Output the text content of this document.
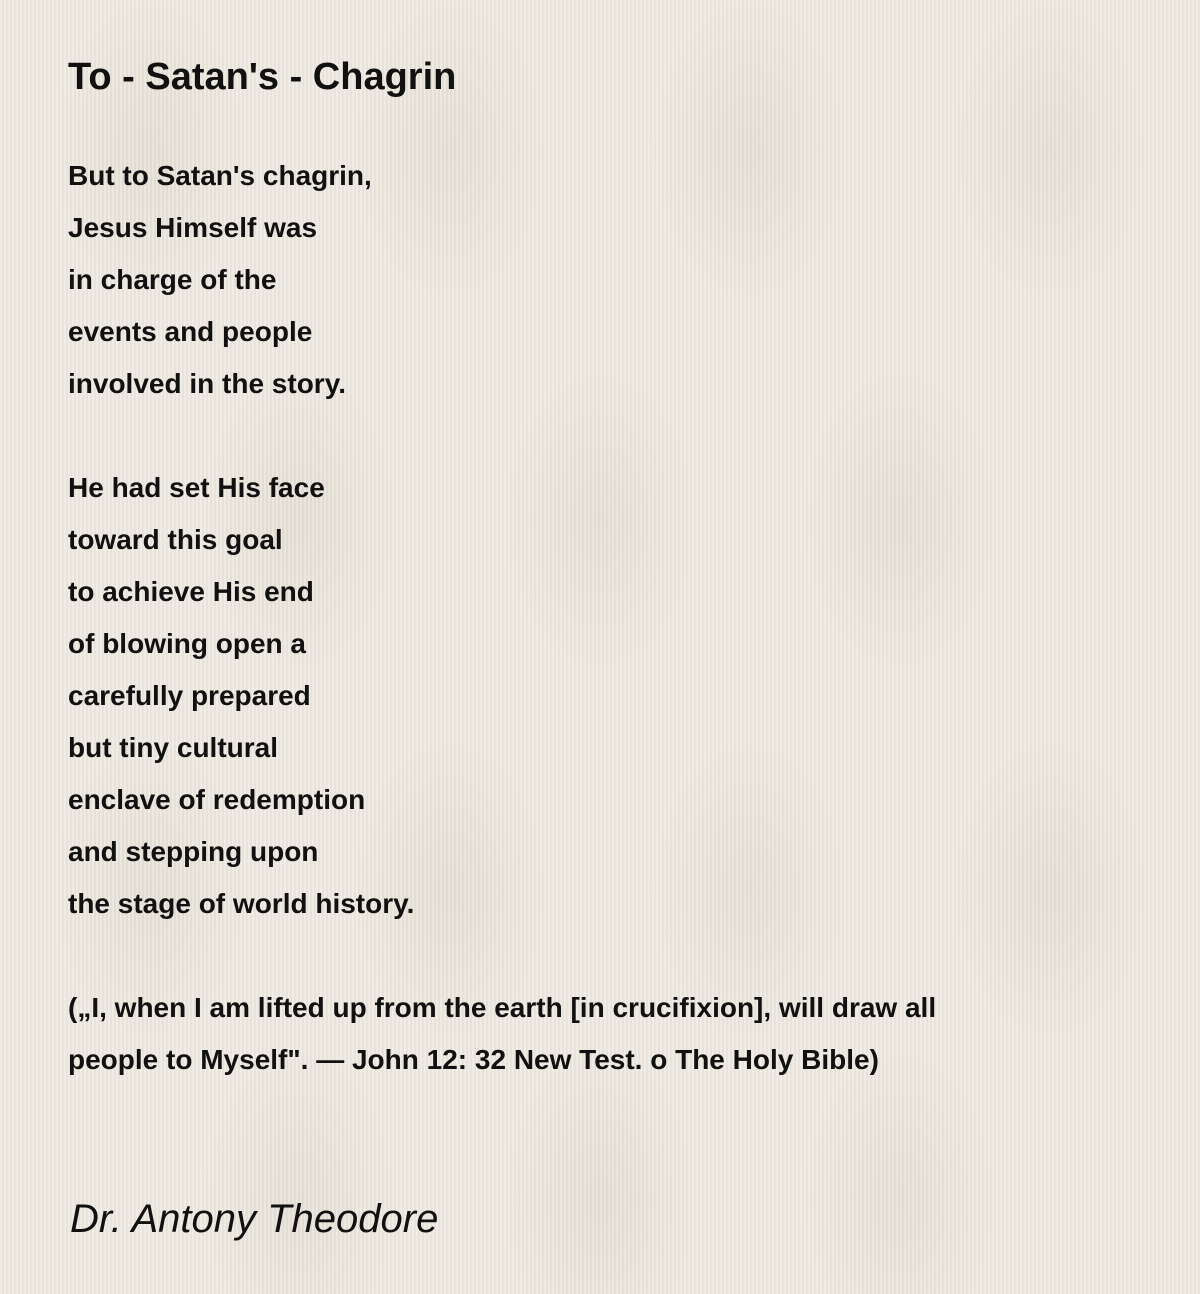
To - Satan's - Chagrin

But to Satan's chagrin,
Jesus Himself was
in charge of the
events and people
involved in the story.

He had set His face
toward this goal
to achieve His end
of blowing open a
carefully prepared
but tiny cultural
enclave of redemption
and stepping upon
the stage of world history.

(„I, when I am lifted up from the earth [in crucifixion], will draw all people to Myself". — John 12: 32 New Test. o The Holy Bible)

Dr. Antony Theodore
